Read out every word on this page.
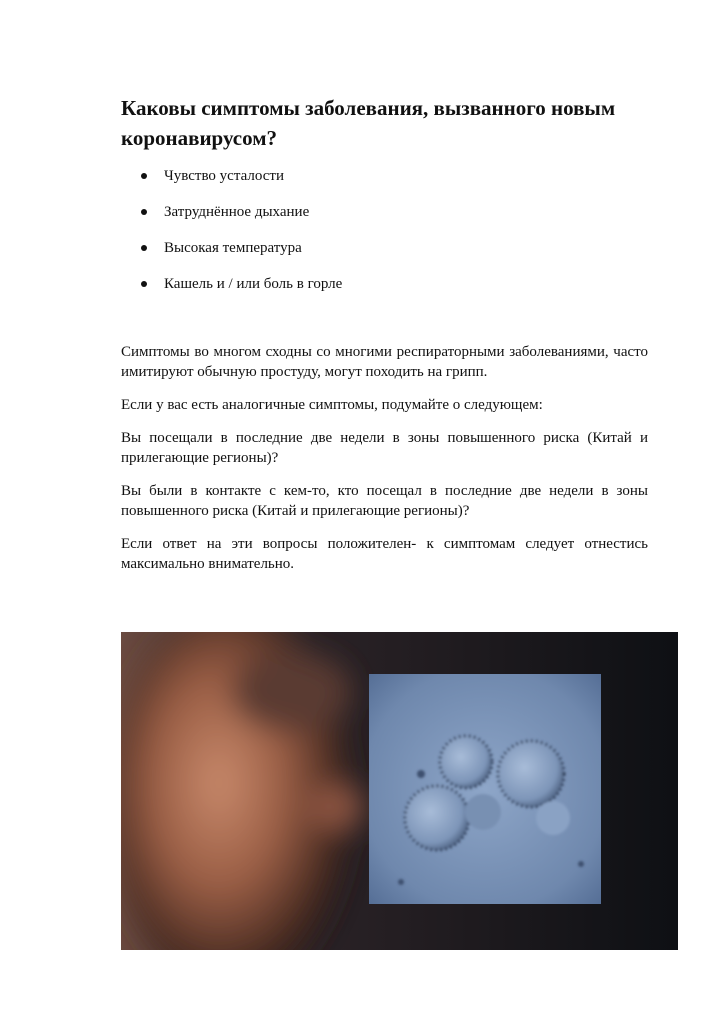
Каковы симптомы заболевания, вызванного новым коронавирусом?
Чувство усталости
Затруднённое дыхание
Высокая температура
Кашель и / или боль в горле

Симптомы во многом сходны со многими респираторными заболеваниями, часто имитируют обычную простуду, могут походить на грипп.

Если у вас есть аналогичные симптомы, подумайте о следующем:

Вы посещали в последние две недели в зоны повышенного риска (Китай и прилегающие регионы)?

Вы были в контакте с кем-то, кто посещал в последние две недели в зоны повышенного риска (Китай и прилегающие регионы)?

Если ответ на эти вопросы положителен- к симптомам следует отнестись максимально внимательно.
